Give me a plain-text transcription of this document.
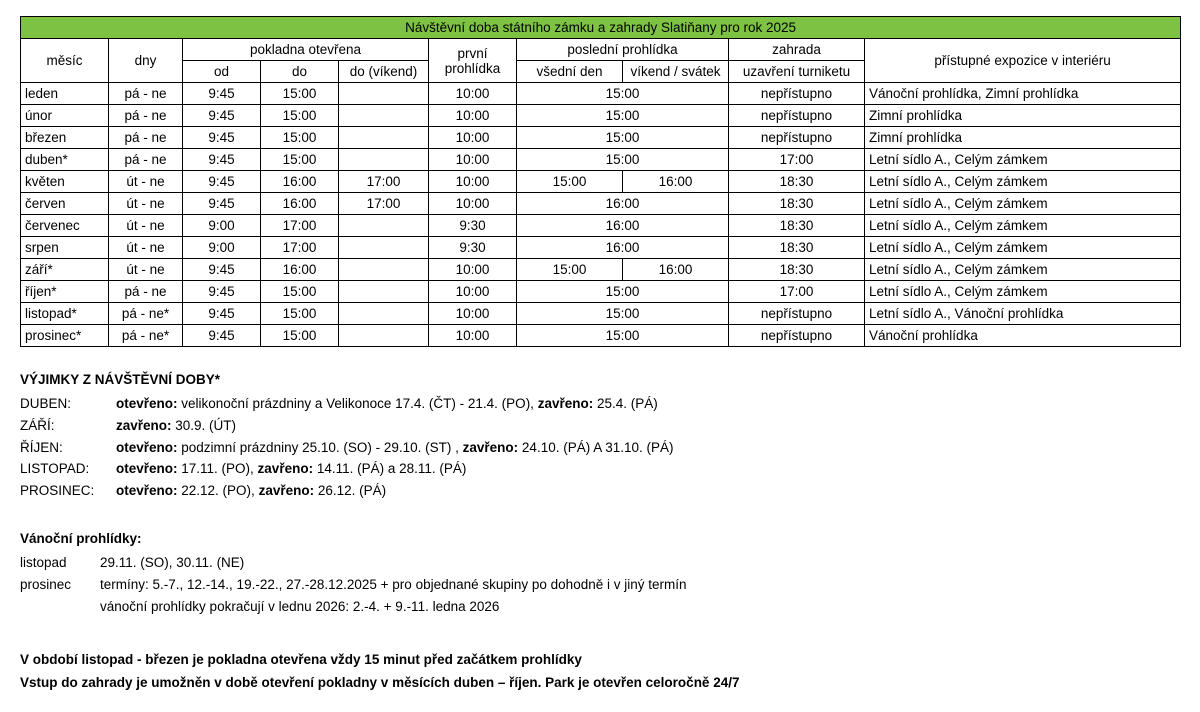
Návštěvní doba státního zámku a zahrady Slatiňany pro rok 2025									
měsíc	dny	pokladna otevřena			první prohlídka	poslední prohlídka		zahrada	přístupné expozice v interiéru
		od	do	do (víkend)		všední den	víkend / svátek	uzavření turniketu	
leden	pá - ne	9:45	15:00		10:00	15:00		nepřístupno	Vánoční prohlídka, Zimní prohlídka
únor	pá - ne	9:45	15:00		10:00	15:00		nepřístupno	Zimní prohlídka
březen	pá - ne	9:45	15:00		10:00	15:00		nepřístupno	Zimní prohlídka
duben*	pá - ne	9:45	15:00		10:00	15:00		17:00	Letní sídlo A., Celým zámkem
květen	út - ne	9:45	16:00	17:00	10:00	15:00	16:00	18:30	Letní sídlo A., Celým zámkem
červen	út - ne	9:45	16:00	17:00	10:00	16:00		18:30	Letní sídlo A., Celým zámkem
červenec	út - ne	9:00	17:00		9:30	16:00		18:30	Letní sídlo A., Celým zámkem
srpen	út - ne	9:00	17:00		9:30	16:00		18:30	Letní sídlo A., Celým zámkem
září*	út - ne	9:45	16:00		10:00	15:00	16:00	18:30	Letní sídlo A., Celým zámkem
říjen*	pá - ne	9:45	15:00		10:00	15:00		17:00	Letní sídlo A., Celým zámkem
listopad*	pá - ne*	9:45	15:00		10:00	15:00		nepřístupno	Letní sídlo A., Vánoční prohlídka
prosinec*	pá - ne*	9:45	15:00		10:00	15:00		nepřístupno	Vánoční prohlídka
VÝJIMKY Z NÁVŠTĚVNÍ DOBY*
DUBEN:	otevřeno: velikonoční prázdniny a Velikonoce 17.4. (ČT) - 21.4. (PO), zavřeno: 25.4. (PÁ)
ZÁŘÍ:	zavřeno: 30.9. (ÚT)
ŘÍJEN:	otevřeno: podzimní prázdniny 25.10. (SO) - 29.10. (ST) , zavřeno: 24.10. (PÁ) A 31.10. (PÁ)
LISTOPAD:	otevřeno: 17.11. (PO), zavřeno: 14.11. (PÁ) a 28.11. (PÁ)
PROSINEC:	otevřeno: 22.12. (PO), zavřeno: 26.12. (PÁ)
Vánoční prohlídky:
listopad	29.11. (SO), 30.11. (NE)
prosinec	termíny: 5.-7., 12.-14., 19.-22., 27.-28.12.2025 + pro objednané skupiny po dohodně i v jiný termín
vánoční prohlídky pokračují v lednu 2026: 2.-4. + 9.-11. ledna 2026
V období listopad - březen je pokladna otevřena vždy 15 minut před začátkem prohlídky
Vstup do zahrady je umožněn v době otevření pokladny v měsících duben – říjen. Park je otevřen celoročně 24/7
